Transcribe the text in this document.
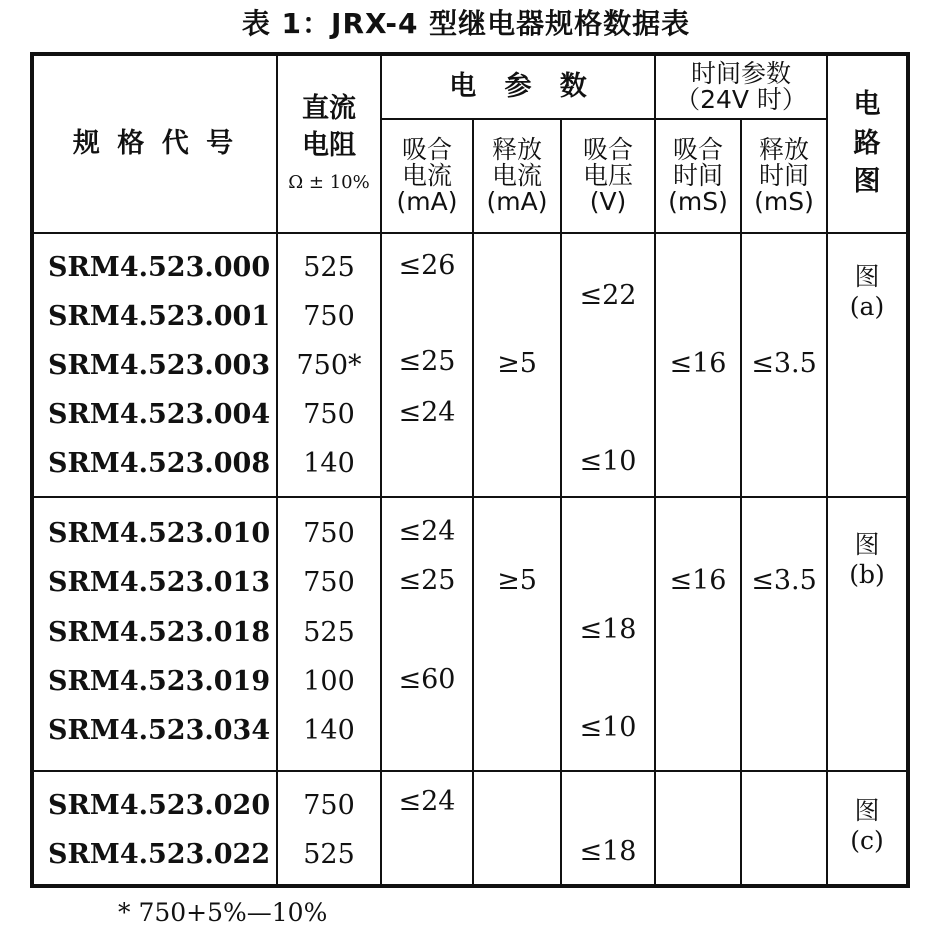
表 1：JRX-4 型继电器规格数据表
规 格 代 号
直流
电阻
Ω ± 10%
电   参   数	时间参数
（24V 时） 电
路
图
吸合
电流
(mA)
释放
电流
(mA)
吸合
电压
(V)
吸合
时间
(mS)
释放
时间
(mS)
SRM4.523.000
SRM4.523.001
SRM4.523.003
SRM4.523.004
SRM4.523.008
525
750
750*
750
140
≤26
≤25
≤24
≥5
≤22
≤10
≤16 ≤3.5
图
(a)
SRM4.523.010
SRM4.523.013
SRM4.523.018
SRM4.523.019
SRM4.523.034
750
750
525
100
140
≤24
≤25
≤60
≥5
≤18
≤10
≤16 ≤3.5
图
(b)
SRM4.523.020
SRM4.523.022
750
525
≤24
≤18
图
(c)
* 750+5%—10%
